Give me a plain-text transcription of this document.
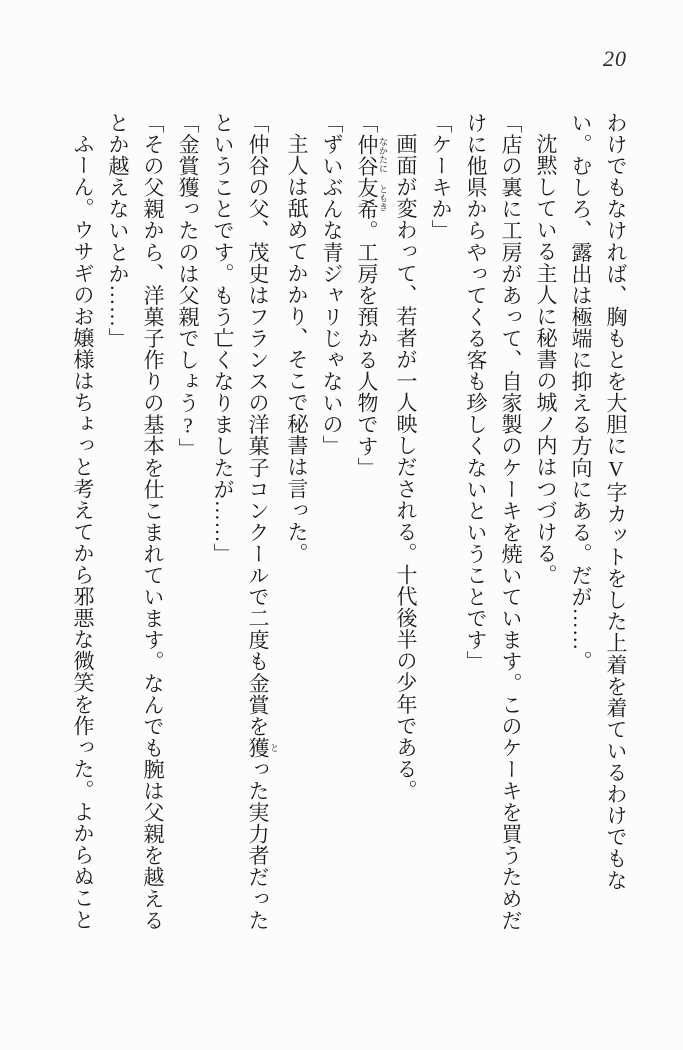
20

わけでもなければ、胸もとを大胆にV字カットをした上着を着ているわけでもない。むしろ、露出は極端に抑える方向にある。だが……。

沈黙している主人に秘書の城ノ内はつづける。

「店の裏に工房があって、自家製のケーキを焼いています。このケーキを買うためだけに他県からやってくる客も珍しくないということです」

「ケーキか」

画面が変わって、若者が一人映しだされる。十代後半の少年である。

「仲谷 なかたに友希 ともき。工房を預かる人物です」

「ずいぶんな青ジャリじゃないの」

主人は舐めてかかり、そこで秘書は言った。

「仲谷の父、茂史はフランスの洋菓子コンクールで二度も金賞を獲 とった実力者だったということです。もう亡くなりましたが……」

「金賞獲ったのは父親でしょう?」

「その父親から、洋菓子作りの基本を仕こまれています。なんでも腕は父親を越えるとか越えないとか……」

ふーん。ウサギのお嬢様はちょっと考えてから邪悪な微笑を作った。よからぬこと
